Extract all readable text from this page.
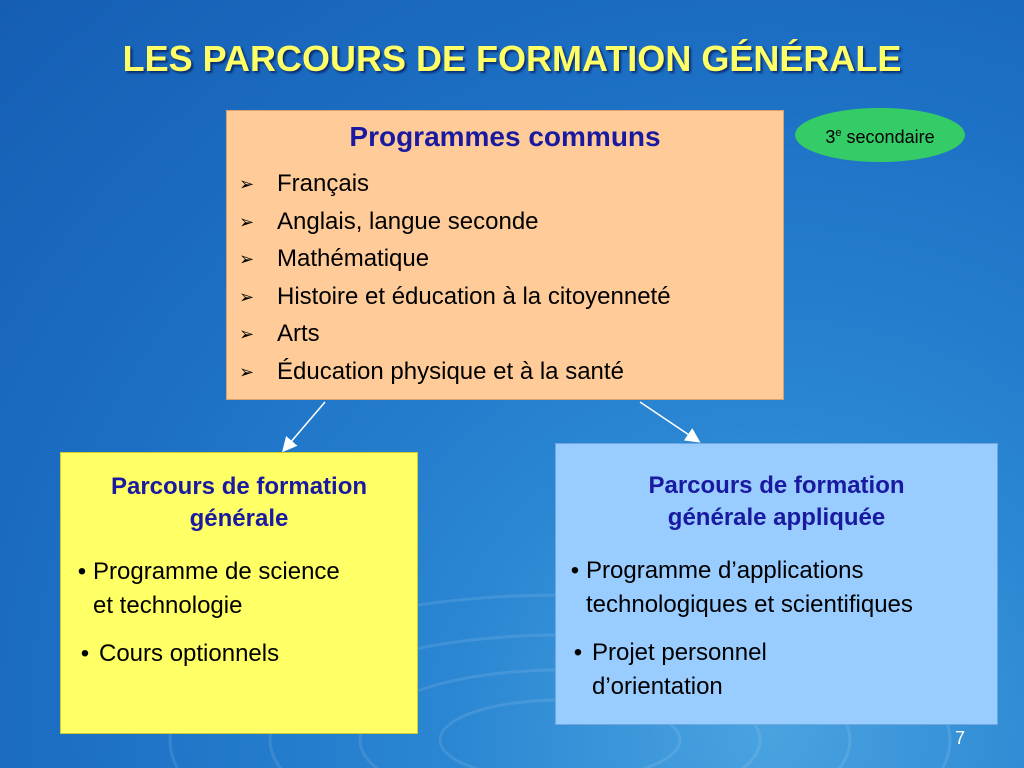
LES PARCOURS DE FORMATION GÉNÉRALE
3e secondaire
Programmes communs
➢ Français
➢ Anglais, langue seconde
➢ Mathématique
➢ Histoire et éducation à la citoyenneté
➢ Arts
➢ Éducation physique et à la santé
Parcours de formation
générale
• Programme de science
et technologie
• Cours optionnels
Parcours de formation
générale appliquée
• Programme d’applications
technologiques et scientifiques
• Projet personnel
d’orientation
7
